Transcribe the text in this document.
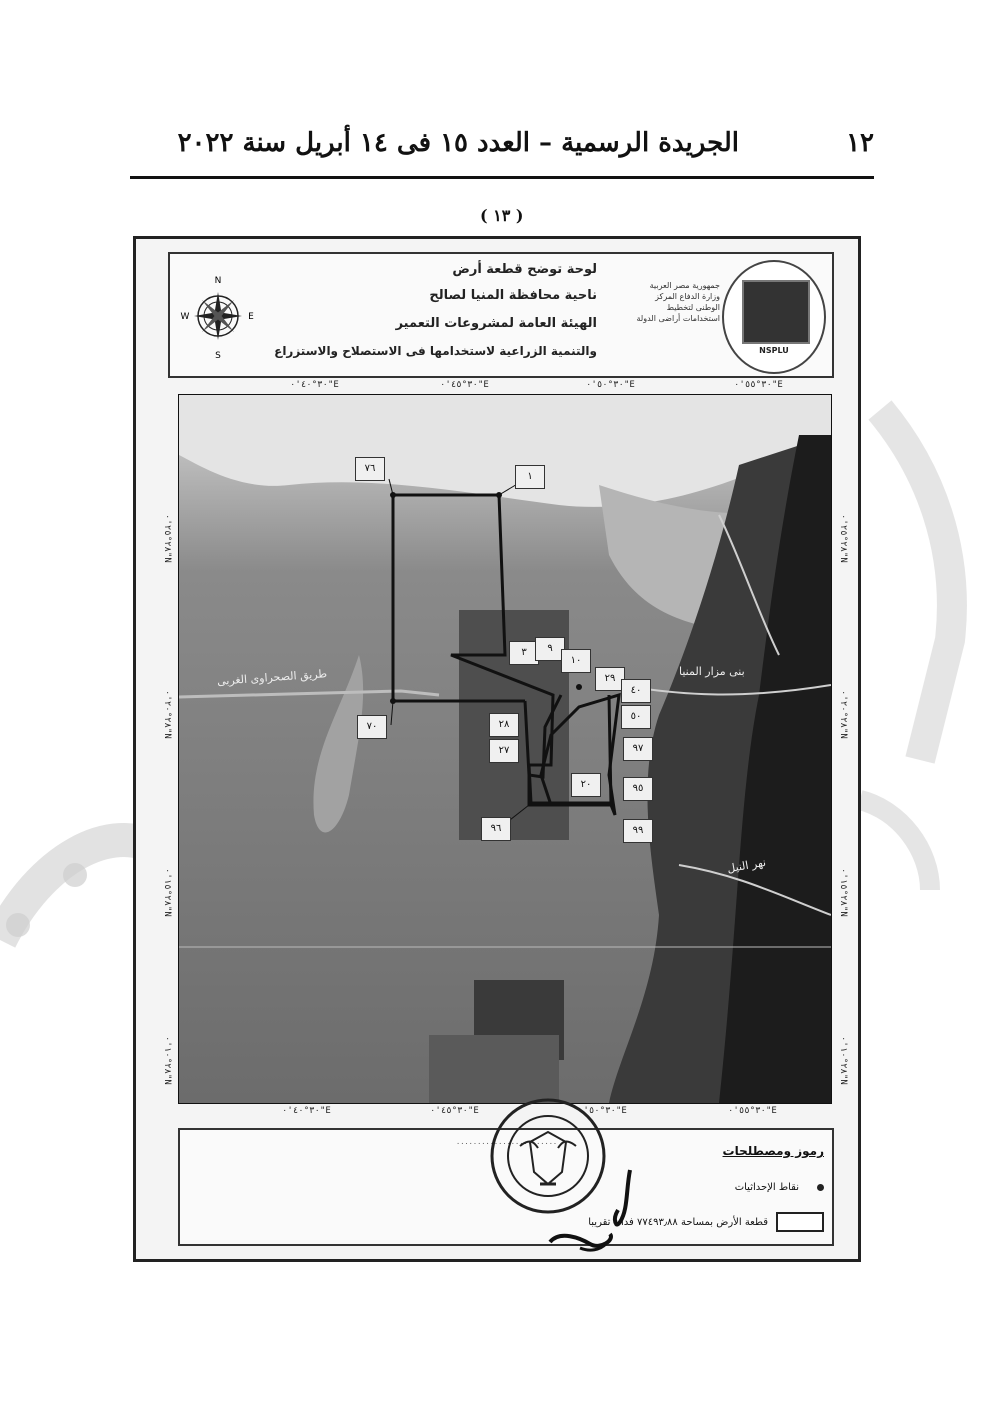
الجريدة الرسمية – العدد ١٥ فى ١٤ أبريل سنة ٢٠٢٢	١٢
( ١٣ )
لوحة توضح قطعة أرض
ناحية محافظة المنيا لصالح
الهيئة العامة لمشروعات التعمير
والتنمية الزراعية لاستخدامها فى الاستصلاح والاستزراع
جمهورية مصر العربية وزارة الدفاع المركز الوطنى لتخطيط استخدامات أراضى الدولة
NSPLU
N
S
E
W
٣٠°٤٠'٠"E	٣٠°٤٥'٠"E	٣٠°٥٠'٠"E	٣٠°٥٥'٠"E
٣٠°٤٠'٠"E	٣٠°٤٥'٠"E	٣٠°٥٠'٠"E	٣٠°٥٥'٠"E
٢٨°٢٥'٠"N
٢٨°٢٠'٠"N
٢٨°١٥'٠"N
٢٨°١٠'٠"N
٢٨°٢٥'٠"N
٢٨°٢٠'٠"N
٢٨°١٥'٠"N
٢٨°١٠'٠"N
طريق الصحراوى الغربى	بنى مزار المنيا
نهر النيل
٧٦
١
٣	٩
١٠
٢٩
٤٠
٥٠
٢٨
٢٧
٢٠
٩٦
٧٠
٩٧
٩٥
٩٩
رموز ومصطلحات
نقاط الإحداثيات
قطعة الأرض بمساحة ٧٧٤٩٣٫٨٨ فدان تقريبا
........................
